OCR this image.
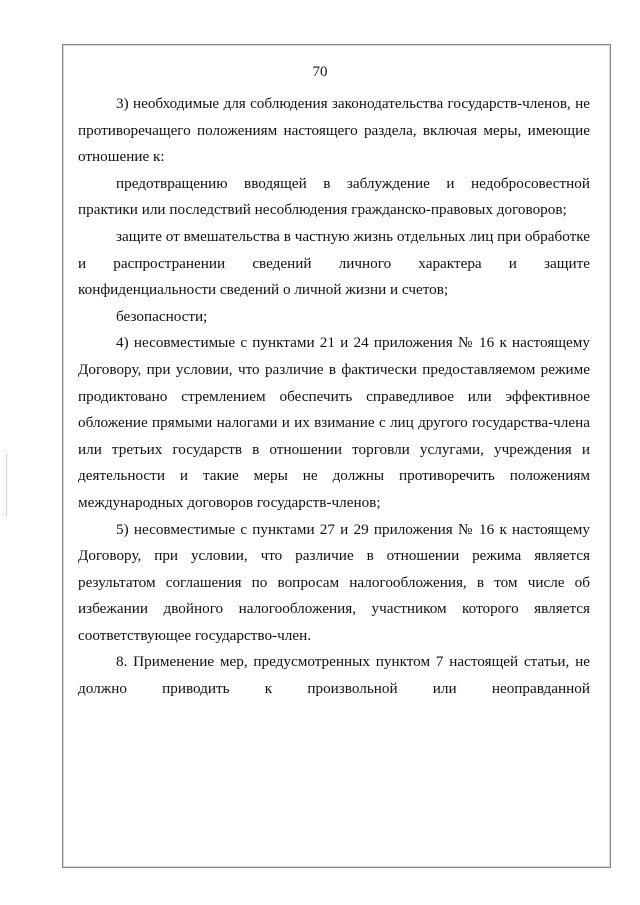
70

3) необходимые для соблюдения законодательства государств-членов, не противоречащего положениям настоящего раздела, включая меры, имеющие отношение к:

предотвращению вводящей в заблуждение и недобросовестной практики или последствий несоблюдения гражданско-правовых договоров;

защите от вмешательства в частную жизнь отдельных лиц при обработке и распространении сведений личного характера и защите конфиденциальности сведений о личной жизни и счетов;

безопасности;

4) несовместимые с пунктами 21 и 24 приложения № 16 к настоящему Договору, при условии, что различие в фактически предоставляемом режиме продиктовано стремлением обеспечить справедливое или эффективное обложение прямыми налогами и их взимание с лиц другого государства-члена или третьих государств в отношении торговли услугами, учреждения и деятельности и такие меры не должны противоречить положениям международных договоров государств-членов;

5) несовместимые с пунктами 27 и 29 приложения № 16 к настоящему Договору, при условии, что различие в отношении режима является результатом соглашения по вопросам налогообложения, в том числе об избежании двойного налогообложения, участником которого является соответствующее государство-член.

8. Применение мер, предусмотренных пунктом 7 настоящей статьи, не должно приводить к произвольной или неоправданной
